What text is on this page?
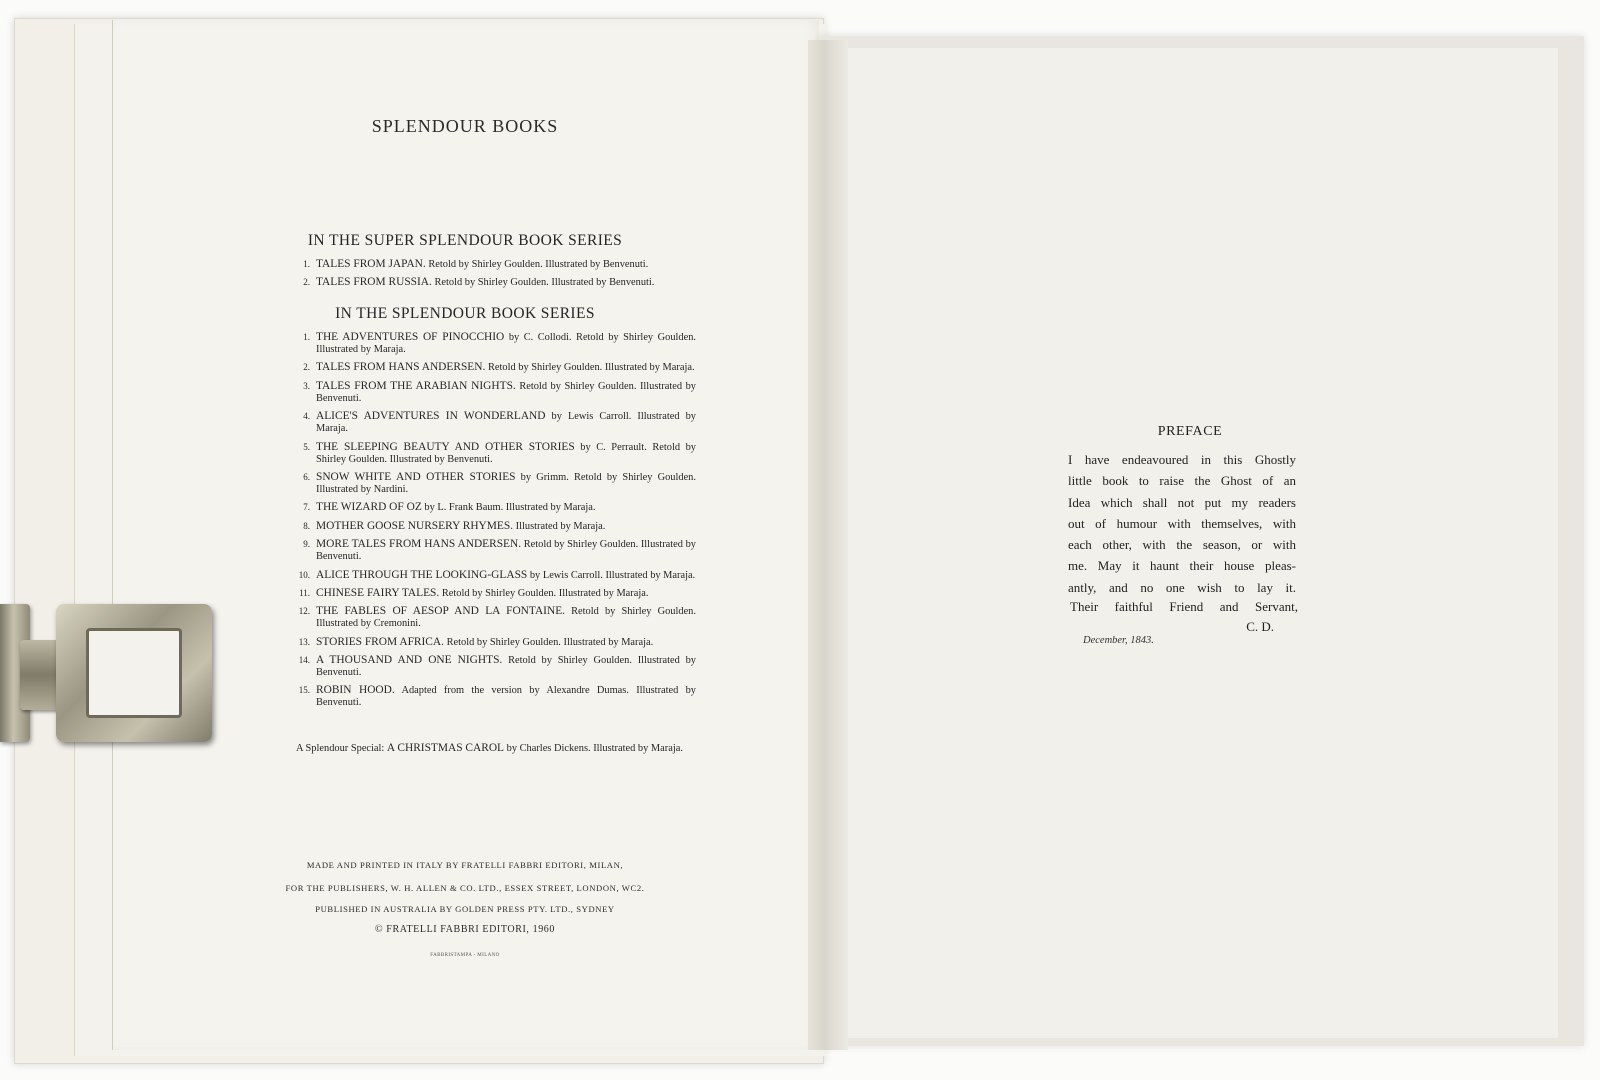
SPLENDOUR BOOKS
IN THE SUPER SPLENDOUR BOOK SERIES
1. TALES FROM JAPAN. Retold by Shirley Goulden. Illustrated by Benvenuti.
2. TALES FROM RUSSIA. Retold by Shirley Goulden. Illustrated by Benvenuti.
IN THE SPLENDOUR BOOK SERIES
1. THE ADVENTURES OF PINOCCHIO by C. Collodi. Retold by Shirley Goulden. Illustrated by Maraja.
2. TALES FROM HANS ANDERSEN. Retold by Shirley Goulden. Illustrated by Maraja.
3. TALES FROM THE ARABIAN NIGHTS. Retold by Shirley Goulden. Illustrated by Benvenuti.
4. ALICE'S ADVENTURES IN WONDERLAND by Lewis Carroll. Illustrated by Maraja.
5. THE SLEEPING BEAUTY AND OTHER STORIES by C. Perrault. Retold by Shirley Goulden. Illustrated by Benvenuti.
6. SNOW WHITE AND OTHER STORIES by Grimm. Retold by Shirley Goulden. Illustrated by Nardini.
7. THE WIZARD OF OZ by L. Frank Baum. Illustrated by Maraja.
8. MOTHER GOOSE NURSERY RHYMES. Illustrated by Maraja.
9. MORE TALES FROM HANS ANDERSEN. Retold by Shirley Goulden. Illustrated by Benvenuti.
10. ALICE THROUGH THE LOOKING-GLASS by Lewis Carroll. Illustrated by Maraja.
11. CHINESE FAIRY TALES. Retold by Shirley Goulden. Illustrated by Maraja.
12. THE FABLES OF AESOP AND LA FONTAINE. Retold by Shirley Goulden. Illustrated by Cremonini.
13. STORIES FROM AFRICA. Retold by Shirley Goulden. Illustrated by Maraja.
14. A THOUSAND AND ONE NIGHTS. Retold by Shirley Goulden. Illustrated by Benvenuti.
15. ROBIN HOOD. Adapted from the version by Alexandre Dumas. Illustrated by Benvenuti.
A Splendour Special: A CHRISTMAS CAROL by Charles Dickens. Illustrated by Maraja.
MADE AND PRINTED IN ITALY BY FRATELLI FABBRI EDITORI, MILAN,
FOR THE PUBLISHERS, W. H. ALLEN & CO. LTD., ESSEX STREET, LONDON, WC2.
PUBLISHED IN AUSTRALIA BY GOLDEN PRESS PTY. LTD., SYDNEY
© FRATELLI FABBRI EDITORI, 1960
FABBRISTAMPA - MILANO
PREFACE
I have endeavoured in this Ghostly
little book to raise the Ghost of an
Idea which shall not put my readers
out of humour with themselves, with
each other, with the season, or with
me. May it haunt their house pleas-
antly, and no one wish to lay it.
Their faithful Friend and Servant,
C. D.
December, 1843.
